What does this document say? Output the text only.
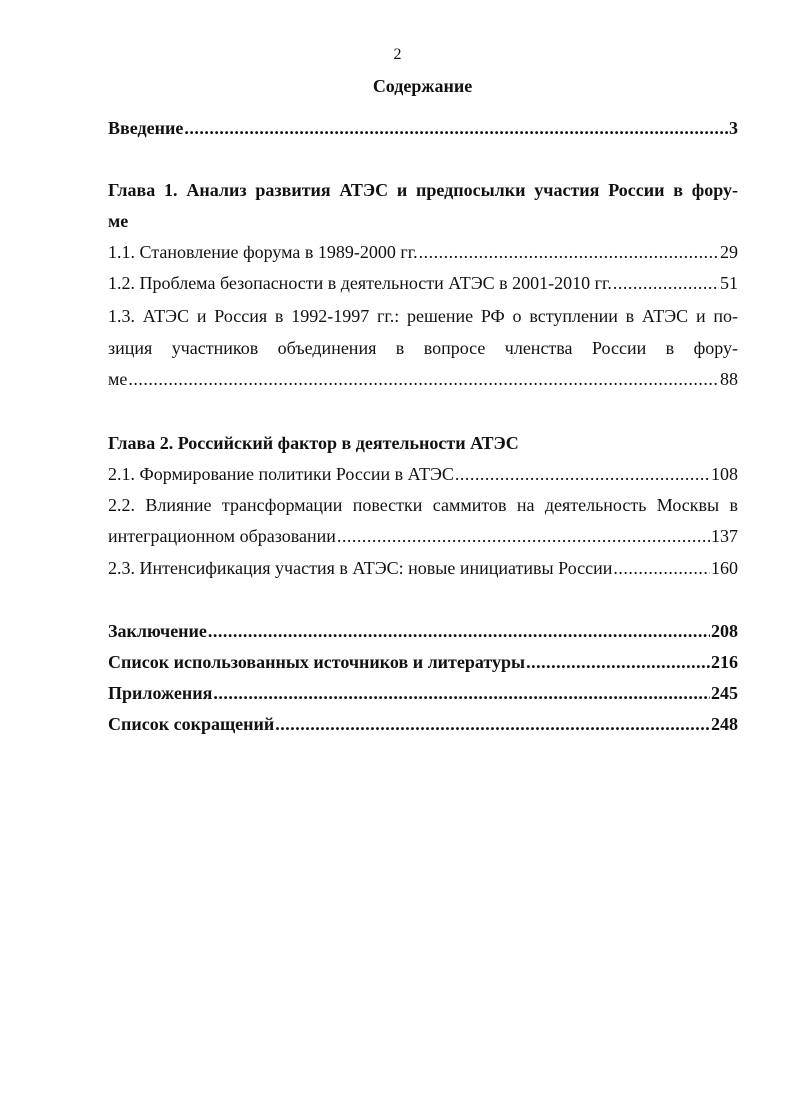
2
Содержание
Введение .....	3
Глава 1. Анализ развития АТЭС и предпосылки участия России в фору-
ме
1.1. Становление форума в 1989-2000 гг. .....	29
1.2. Проблема безопасности в деятельности АТЭС в 2001-2010 гг. .....	51
1.3. АТЭС и Россия в 1992-1997 гг.: решение РФ о вступлении в АТЭС и по-
зиция участников объединения в вопросе членства России в фору-
ме .....	88
Глава 2. Российский фактор в деятельности АТЭС
2.1. Формирование политики России в АТЭС .....	108
2.2. Влияние трансформации повестки саммитов на деятельность Москвы в
интеграционном образовании .....	137
2.3. Интенсификация участия в АТЭС: новые инициативы России .....	160
Заключение .....	208
Список использованных источников и литературы .....	216
Приложения .....	245
Список сокращений .....	248
